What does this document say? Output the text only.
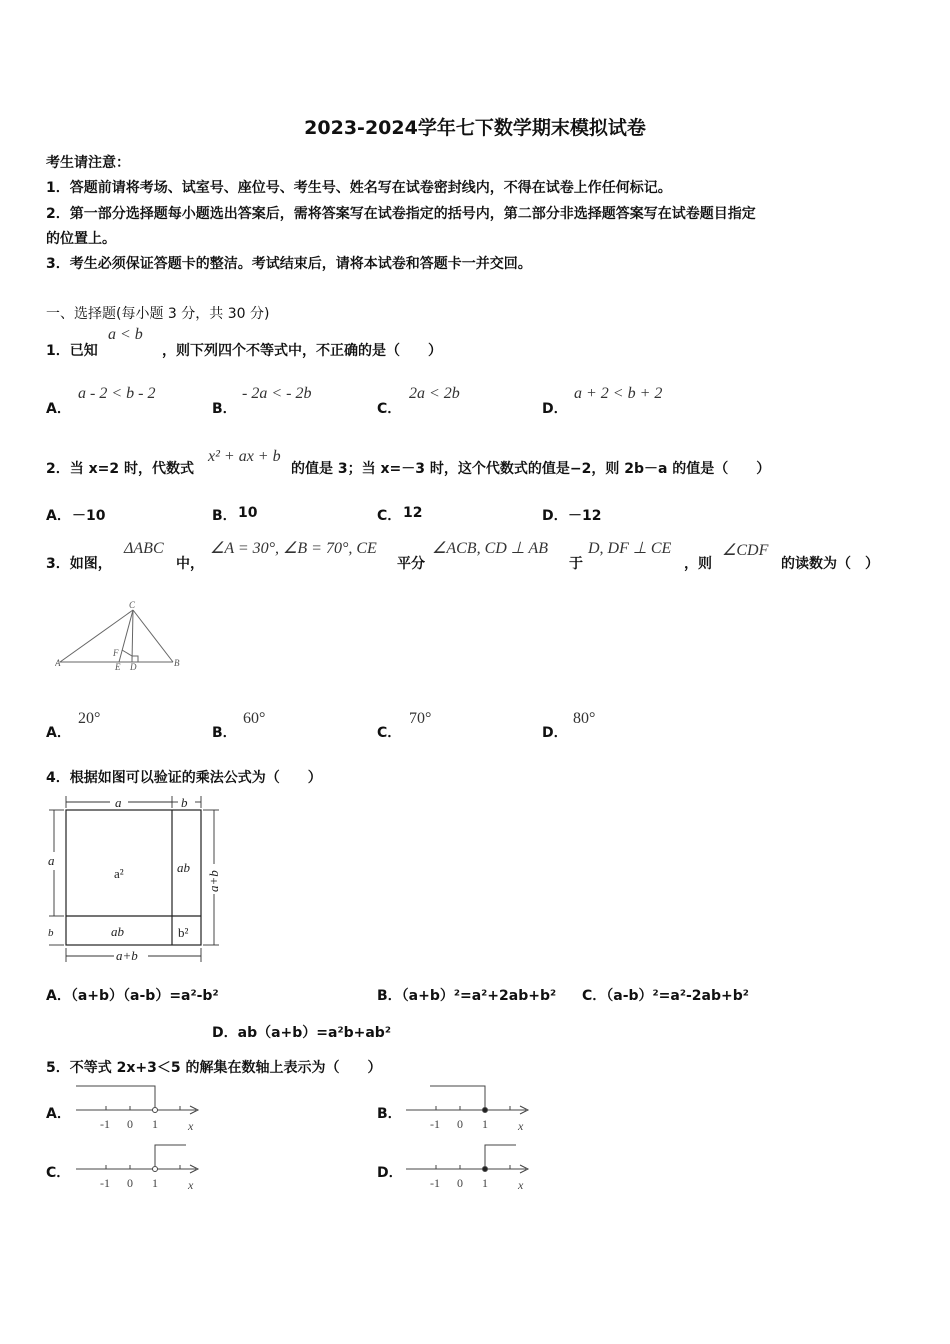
2023-2024学年七下数学期末模拟试卷
考生请注意：
1．答题前请将考场、试室号、座位号、考生号、姓名写在试卷密封线内，不得在试卷上作任何标记。
2．第一部分选择题每小题选出答案后，需将答案写在试卷指定的括号内，第二部分非选择题答案写在试卷题目指定
的位置上。
3．考生必须保证答题卡的整洁。考试结束后，请将本试卷和答题卡一并交回。
一、选择题(每小题 3 分，共 30 分)
1．已知
a < b
，则下列四个不等式中，不正确的是（　　）
A．
a - 2 < b - 2
B．
- 2a < - 2b
C．
2a < 2b
D．
a + 2 < b + 2
2．当 x=2 时，代数式
x² + ax + b
的值是 3；当 x=－3 时，这个代数式的值是−2，则 2b－a 的值是（　　）
A． －10	B． 10	C． 12	D． －12
3．如图，
ΔABC
中，
∠A = 30°, ∠B = 70°, CE
平分
∠ACB, CD ⊥ AB
于
D, DF ⊥ CE
，则
∠CDF
的读数为（　）
C
A	B
E D
F
A．
20°
B．
60°
C．
70°
D．
80°
4．根据如图可以验证的乘法公式为（　　）
a	b
a
b
a²	ab
ab	b²
a+b
a+b
A．（a+b）（a-b）=a²-b²	B．（a+b）²=a²+2ab+b² C．（a-b）²=a²-2ab+b²
D．ab（a+b）=a²b+ab²
5．不等式 2x+3＜5 的解集在数轴上表示为（　　）
A．	B．
C．	D．
-1 0 1	x	-1 0 1	x
-1 0 1	x	-1 0 1	x
